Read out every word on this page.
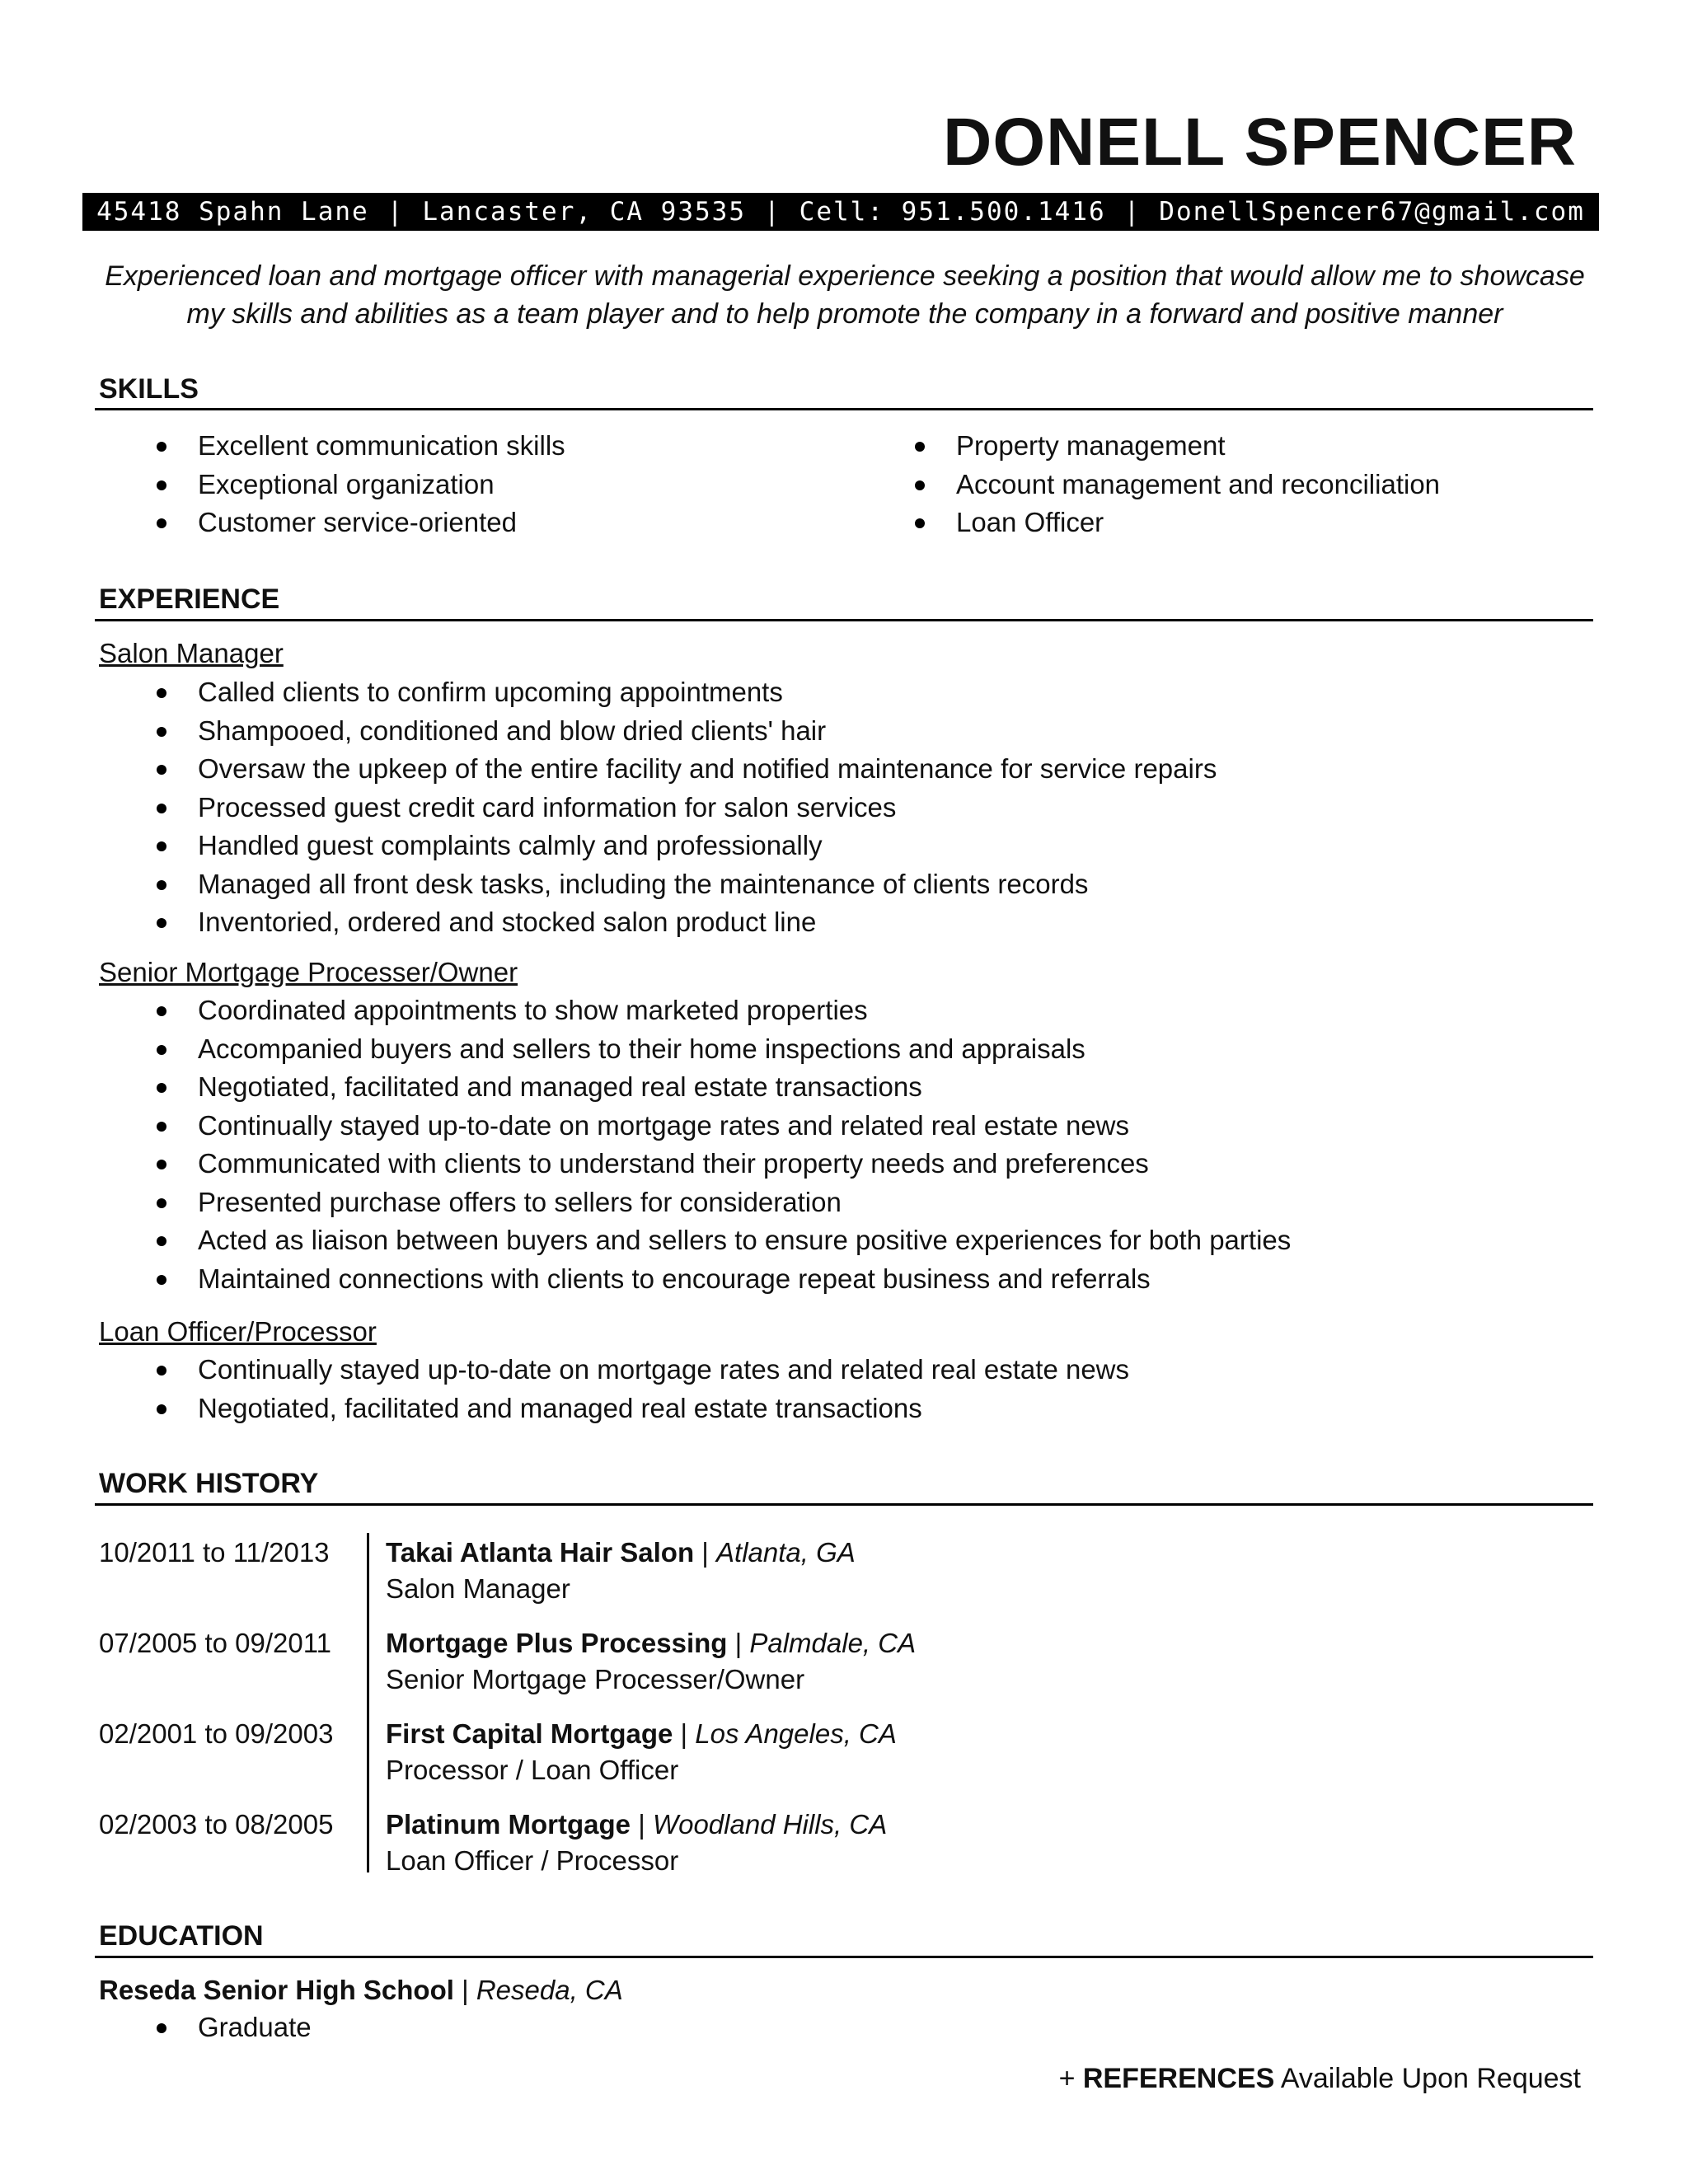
DONELL SPENCER
45418 Spahn Lane | Lancaster, CA 93535 | Cell: 951.500.1416 | DonellSpencer67@gmail.com
Experienced loan and mortgage officer with managerial experience seeking a position that would allow me to showcase my skills and abilities as a team player and to help promote the company in a forward and positive manner
SKILLS
Excellent communication skills
Exceptional organization
Customer service-oriented
Property management
Account management and reconciliation
Loan Officer
EXPERIENCE
Salon Manager
Called clients to confirm upcoming appointments
Shampooed, conditioned and blow dried clients' hair
Oversaw the upkeep of the entire facility and notified maintenance for service repairs
Processed guest credit card information for salon services
Handled guest complaints calmly and professionally
Managed all front desk tasks, including the maintenance of clients records
Inventoried, ordered and stocked salon product line
Senior Mortgage Processer/Owner
Coordinated appointments to show marketed properties
Accompanied buyers and sellers to their home inspections and appraisals
Negotiated, facilitated and managed real estate transactions
Continually stayed up-to-date on mortgage rates and related real estate news
Communicated with clients to understand their property needs and preferences
Presented purchase offers to sellers for consideration
Acted as liaison between buyers and sellers to ensure positive experiences for both parties
Maintained connections with clients to encourage repeat business and referrals
Loan Officer/Processor
Continually stayed up-to-date on mortgage rates and related real estate news
Negotiated, facilitated and managed real estate transactions
WORK HISTORY
10/2011 to 11/2013 Takai Atlanta Hair Salon | Atlanta, GA
Salon Manager
07/2005 to 09/2011 Mortgage Plus Processing | Palmdale, CA
Senior Mortgage Processer/Owner
02/2001 to 09/2003 First Capital Mortgage | Los Angeles, CA
Processor / Loan Officer
02/2003 to 08/2005 Platinum Mortgage | Woodland Hills, CA
Loan Officer / Processor
EDUCATION
Reseda Senior High School | Reseda, CA
Graduate
+ REFERENCES Available Upon Request
